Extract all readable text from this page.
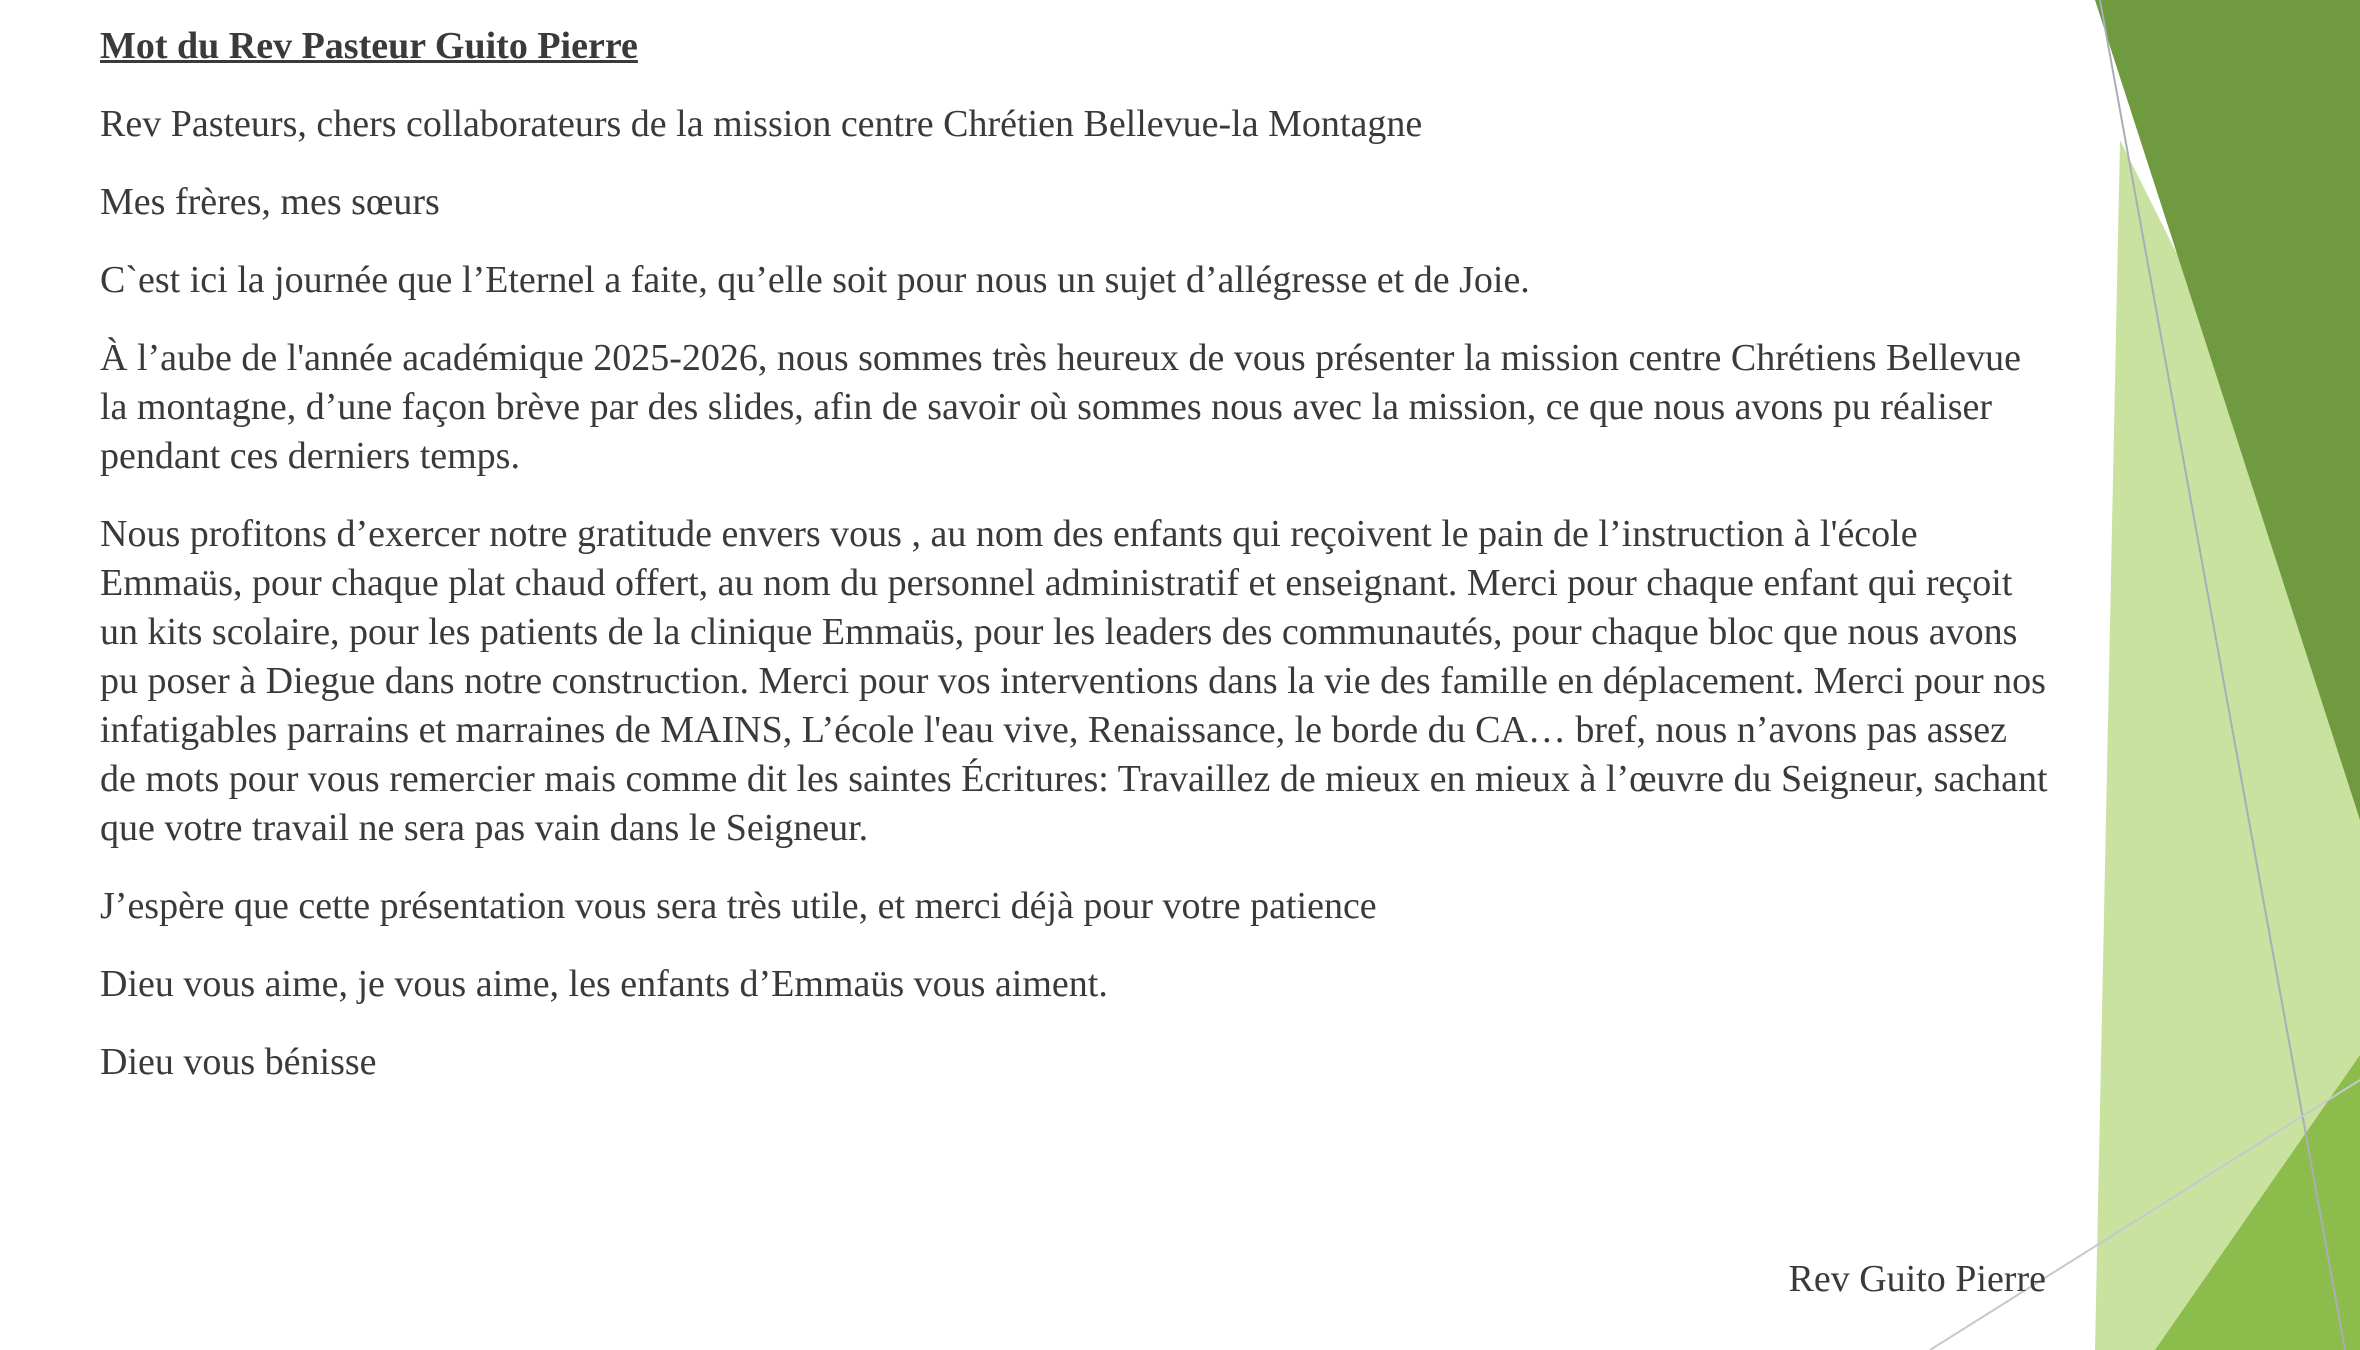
Mot du Rev Pasteur Guito Pierre

Rev Pasteurs, chers collaborateurs de la mission centre Chrétien Bellevue-la Montagne

Mes frères, mes sœurs

C`est ici la journée que l’Eternel a faite, qu’elle soit pour nous un sujet d’allégresse et de Joie.

À l’aube de l'année académique 2025-2026, nous sommes très heureux de vous présenter la mission centre Chrétiens Bellevue la montagne, d’une façon brève par des slides, afin de savoir où sommes nous avec la mission, ce que nous avons pu réaliser pendant ces derniers temps.

Nous profitons d’exercer notre gratitude envers vous , au nom des enfants qui reçoivent le pain de l’instruction à l'école Emmaüs, pour chaque plat chaud offert, au nom du personnel administratif et enseignant. Merci pour chaque enfant qui reçoit un kits scolaire, pour les patients de la clinique Emmaüs, pour les leaders des communautés, pour chaque bloc que nous avons pu poser à Diegue dans notre construction. Merci pour vos interventions dans la vie des famille en déplacement. Merci pour nos infatigables parrains et marraines de MAINS, L’école l'eau vive, Renaissance, le borde du CA… bref, nous n’avons pas assez de mots pour vous remercier mais comme dit les saintes Écritures: Travaillez de mieux en mieux à l’œuvre du Seigneur, sachant que votre travail ne sera pas vain dans le Seigneur.

J’espère que cette présentation vous sera très utile, et merci déjà pour votre patience

Dieu vous aime, je vous aime, les enfants d’Emmaüs vous aiment.

Dieu vous bénisse

Rev Guito Pierre
